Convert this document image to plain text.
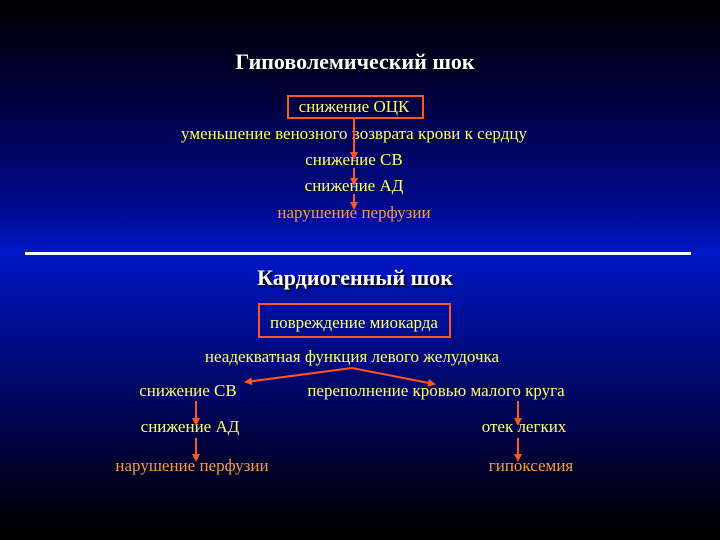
Гиповолемический шок
снижение ОЦК
уменьшение венозного возврата крови к сердцу
снижение СВ
снижение АД
нарушение перфузии
Кардиогенный шок
повреждение миокарда
неадекватная функция левого желудочка
снижение СВ
снижение АД
нарушение перфузии
переполнение кровью малого круга
отек легких
гипоксемия
